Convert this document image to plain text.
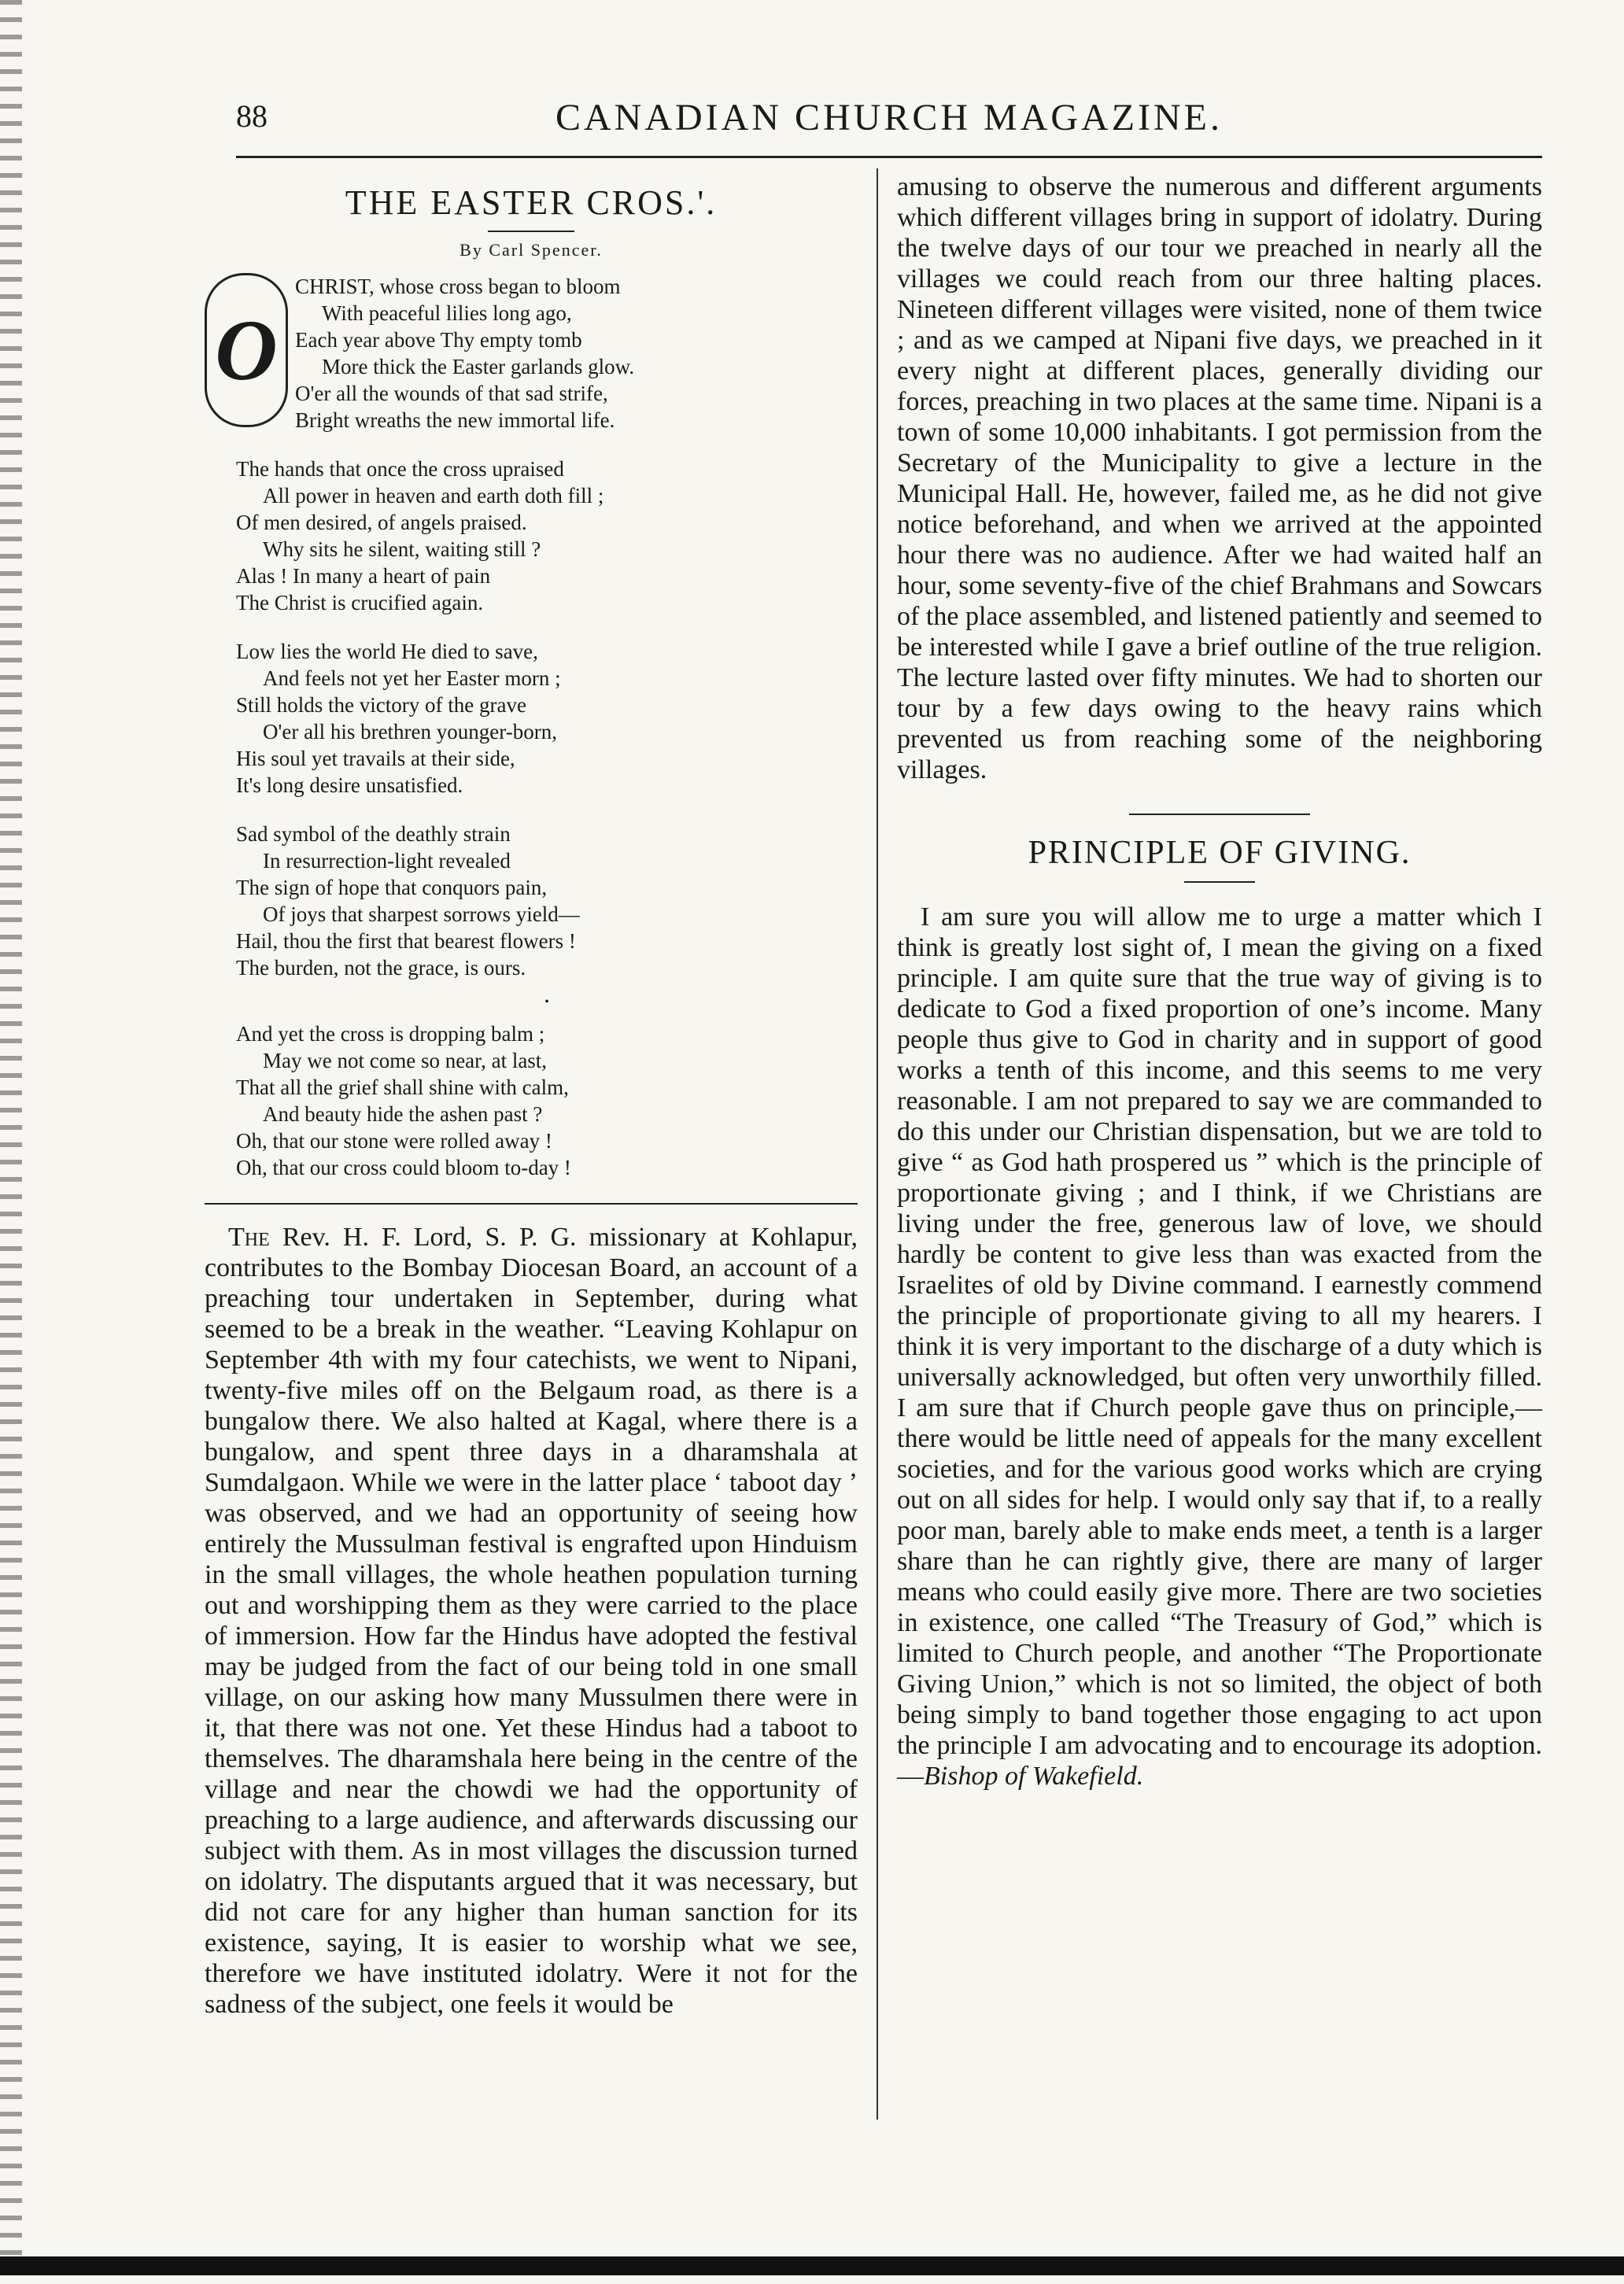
88	CANADIAN CHURCH MAGAZINE.
THE EASTER CROS.'.
By Carl Spencer.
O

CHRIST, whose cross began to bloom

With peaceful lilies long ago,

Each year above Thy empty tomb

More thick the Easter garlands glow.

O'er all the wounds of that sad strife,

Bright wreaths the new immortal life.

The hands that once the cross upraised

All power in heaven and earth doth fill ;

Of men desired, of angels praised.

Why sits he silent, waiting still ?

Alas ! In many a heart of pain

The Christ is crucified again.

Low lies the world He died to save,

And feels not yet her Easter morn ;

Still holds the victory of the grave

O'er all his brethren younger-born,

His soul yet travails at their side,

It's long desire unsatisfied.

Sad symbol of the deathly strain

In resurrection-light revealed

The sign of hope that conquors pain,

Of joys that sharpest sorrows yield—

Hail, thou the first that bearest flowers !

The burden, not the grace, is ours.

•

And yet the cross is dropping balm ;

May we not come so near, at last,

That all the grief shall shine with calm,

And beauty hide the ashen past ?

Oh, that our stone were rolled away !

Oh, that our cross could bloom to-day !

The Rev. H. F. Lord, S. P. G. missionary at Kohlapur, contributes to the Bombay Diocesan Board, an account of a preaching tour undertaken in September, during what seemed to be a break in the weather. “Leaving Kohlapur on September 4th with my four catechists, we went to Nipani, twenty-five miles off on the Belgaum road, as there is a bungalow there. We also halted at Kagal, where there is a bungalow, and spent three days in a dharamshala at Sumdalgaon. While we were in the latter place ‘ taboot day ’ was observed, and we had an opportunity of seeing how entirely the Mussulman festival is engrafted upon Hinduism in the small villages, the whole heathen population turning out and worshipping them as they were carried to the place of immersion. How far the Hindus have adopted the festival may be judged from the fact of our being told in one small village, on our asking how many Mussulmen there were in it, that there was not one. Yet these Hindus had a taboot to themselves. The dharamshala here being in the centre of the village and near the chowdi we had the opportunity of preaching to a large audience, and afterwards discussing our subject with them. As in most villages the discussion turned on idolatry. The disputants argued that it was necessary, but did not care for any higher than human sanction for its existence, saying, It is easier to worship what we see, therefore we have instituted idolatry. Were it not for the sadness of the subject, one feels it would be

amusing to observe the numerous and different arguments which different villages bring in support of idolatry. During the twelve days of our tour we preached in nearly all the villages we could reach from our three halting places. Nineteen different villages were visited, none of them twice ; and as we camped at Nipani five days, we preached in it every night at different places, generally dividing our forces, preaching in two places at the same time. Nipani is a town of some 10,000 inhabitants. I got permission from the Secretary of the Municipality to give a lecture in the Municipal Hall. He, however, failed me, as he did not give notice beforehand, and when we arrived at the appointed hour there was no audience. After we had waited half an hour, some seventy-five of the chief Brahmans and Sowcars of the place assembled, and listened patiently and seemed to be interested while I gave a brief outline of the true religion. The lecture lasted over fifty minutes. We had to shorten our tour by a few days owing to the heavy rains which prevented us from reaching some of the neighboring villages.

PRINCIPLE OF GIVING.

I am sure you will allow me to urge a matter which I think is greatly lost sight of, I mean the giving on a fixed principle. I am quite sure that the true way of giving is to dedicate to God a fixed proportion of one’s income. Many people thus give to God in charity and in support of good works a tenth of this income, and this seems to me very reasonable. I am not prepared to say we are commanded to do this under our Christian dispensation, but we are told to give “ as God hath prospered us ” which is the principle of proportionate giving ; and I think, if we Christians are living under the free, generous law of love, we should hardly be content to give less than was exacted from the Israelites of old by Divine command. I earnestly commend the principle of proportionate giving to all my hearers. I think it is very important to the discharge of a duty which is universally acknowledged, but often very unworthily filled. I am sure that if Church people gave thus on principle,—there would be little need of appeals for the many excellent societies, and for the various good works which are crying out on all sides for help. I would only say that if, to a really poor man, barely able to make ends meet, a tenth is a larger share than he can rightly give, there are many of larger means who could easily give more. There are two societies in existence, one called “The Treasury of God,” which is limited to Church people, and another “The Proportionate Giving Union,” which is not so limited, the object of both being simply to band together those engaging to act upon the principle I am advocating and to encourage its adoption.—Bishop of Wakefield.
